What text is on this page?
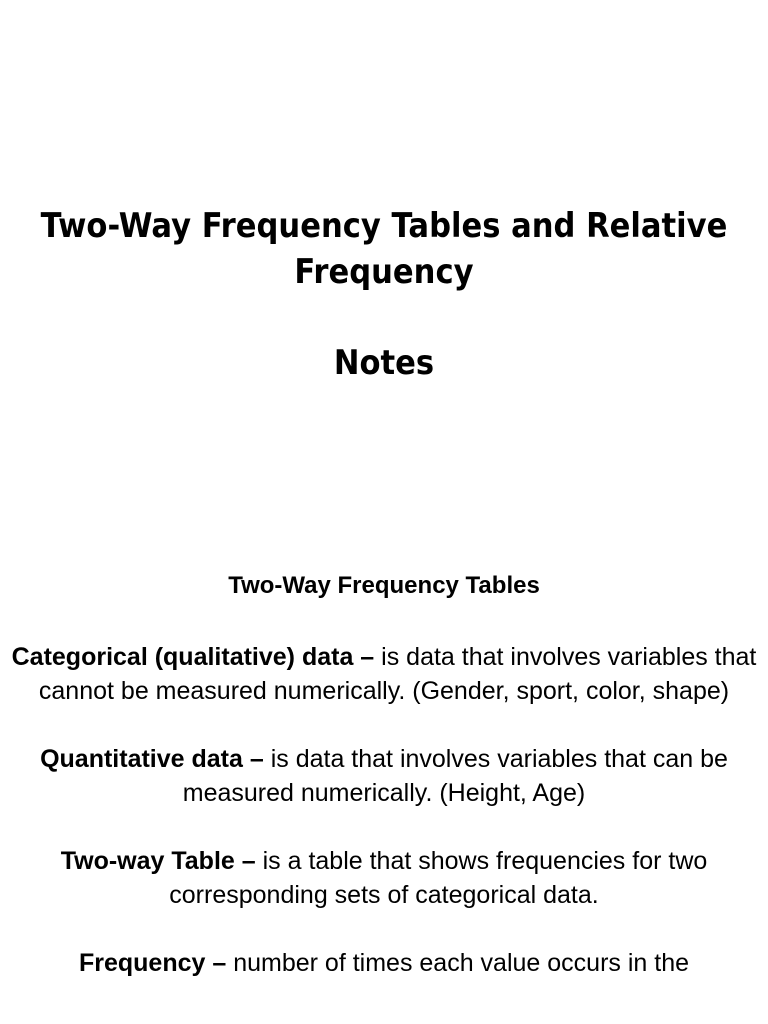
Two-Way Frequency Tables and Relative Frequency
Notes
Two-Way Frequency Tables

Categorical (qualitative) data – is data that involves variables that cannot be measured numerically. (Gender, sport, color, shape)

Quantitative data – is data that involves variables that can be measured numerically. (Height, Age)

Two-way Table – is a table that shows frequencies for two corresponding sets of categorical data.

Frequency – number of times each value occurs in the
